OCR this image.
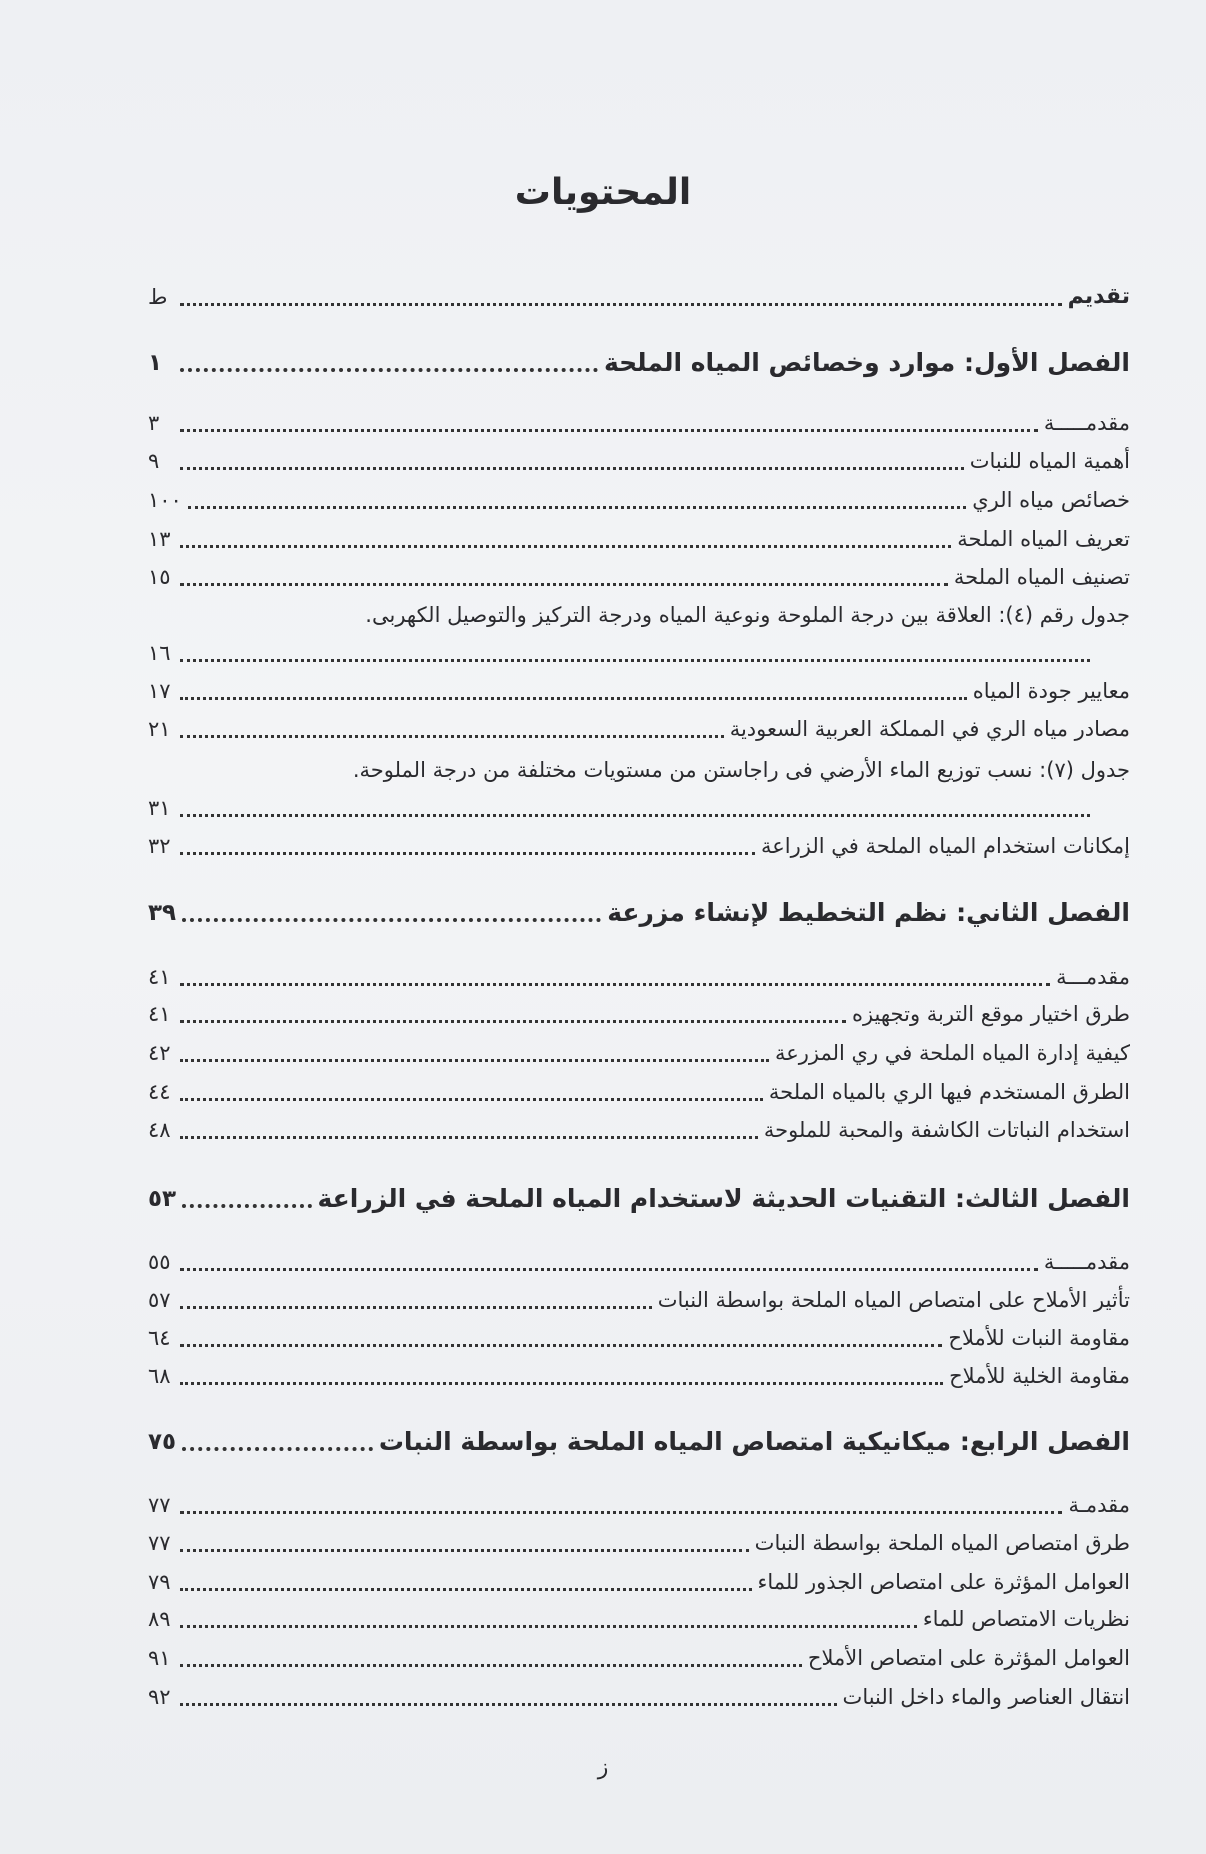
المحتويات
تقديم
ط
الفصل الأول: موارد وخصائص المياه الملحة
١
مقدمـــــة
٣
أهمية المياه للنبات
٩
خصائص مياه الري
١٠٠
تعريف المياه الملحة
١٣
تصنيف المياه الملحة
١٥
جدول رقم (٤): العلاقة بين درجة الملوحة ونوعية المياه ودرجة التركيز والتوصيل الكهربى.
١٦
معايير جودة المياه
١٧
مصادر مياه الري في المملكة العربية السعودية
٢١
جدول (٧): نسب توزيع الماء الأرضي فى راجاستن من مستويات مختلفة من درجة الملوحة.
٣١
إمكانات استخدام المياه الملحة في الزراعة
٣٢
الفصل الثاني: نظم التخطيط لإنشاء مزرعة
٣٩
مقدمـــة
٤١
طرق اختيار موقع التربة وتجهيزه
٤١
كيفية إدارة المياه الملحة في ري المزرعة
٤٢
الطرق المستخدم فيها الري بالمياه الملحة
٤٤
استخدام النباتات الكاشفة والمحبة للملوحة
٤٨
الفصل الثالث: التقنيات الحديثة لاستخدام المياه الملحة في الزراعة
٥٣
مقدمـــــة
٥٥
تأثير الأملاح على امتصاص المياه الملحة بواسطة النبات
٥٧
مقاومة النبات للأملاح
٦٤
مقاومة الخلية للأملاح
٦٨
الفصل الرابع: ميكانيكية امتصاص المياه الملحة بواسطة النبات
٧٥
مقدمـة
٧٧
طرق امتصاص المياه الملحة بواسطة النبات
٧٧
العوامل المؤثرة على امتصاص الجذور للماء
٧٩
نظريات الامتصاص للماء
٨٩
العوامل المؤثرة على امتصاص الأملاح
٩١
انتقال العناصر والماء داخل النبات
٩٢
ز
